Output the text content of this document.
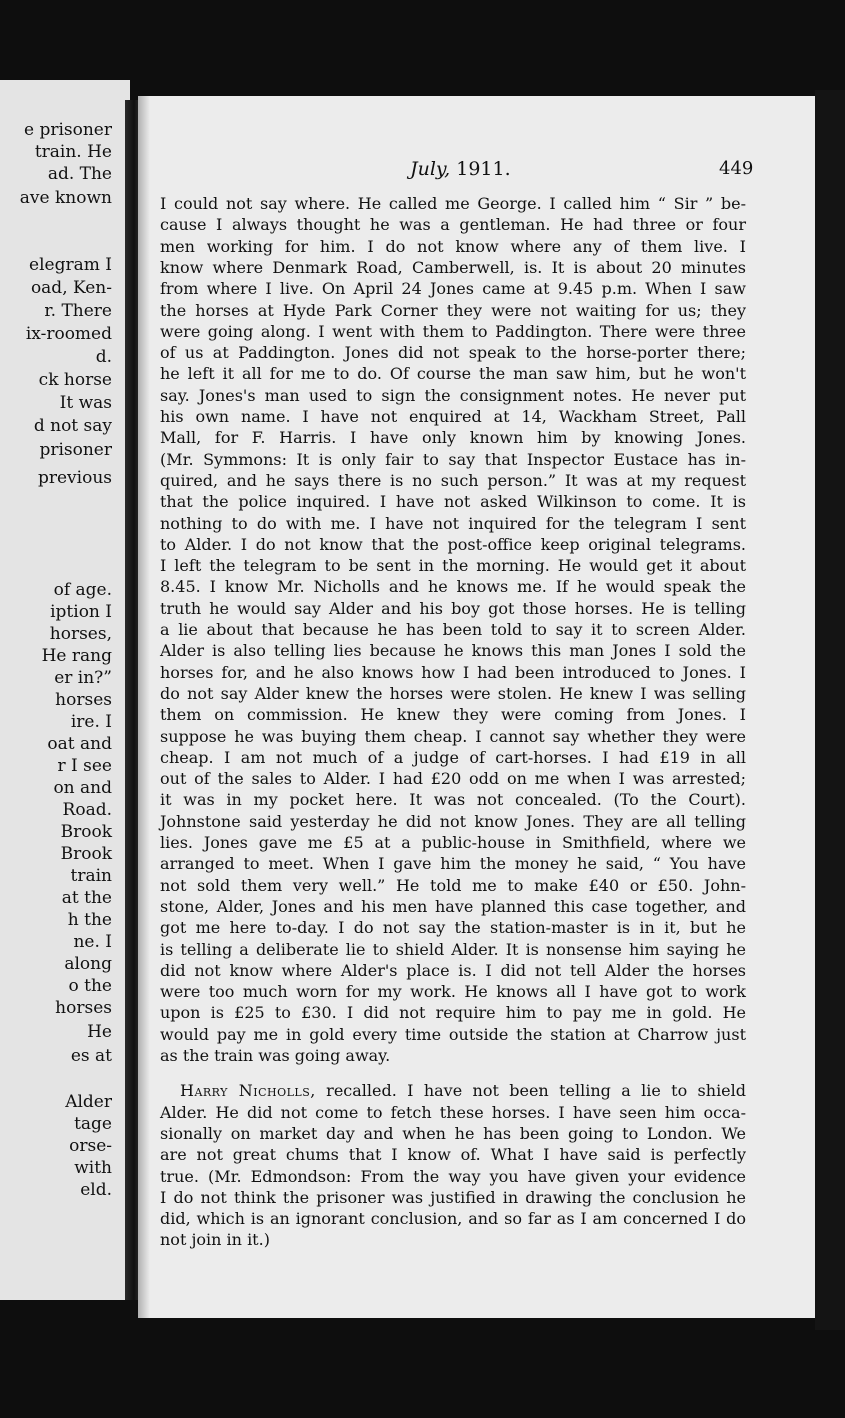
e prisoner
train. He
ad. The
ave known
elegram I
oad, Ken-
r. There
ix-roomed
d.
ck horse
It was
d not say
prisoner
previous
of age.
iption I
horses,
He rang
er in?”
horses
ire. I
oat and
r I see
on and
Road.
Brook
Brook
train
at the
h the
ne. I
along
o the
horses
He
es at
Alder
tage
orse-
with
eld.
July, 1911.	449

I could not say where. He called me George. I called him “ Sir ” be-

cause I always thought he was a gentleman. He had three or four

men working for him. I do not know where any of them live. I

know where Denmark Road, Camberwell, is. It is about 20 minutes

from where I live. On April 24 Jones came at 9.45 p.m. When I saw

the horses at Hyde Park Corner they were not waiting for us; they

were going along. I went with them to Paddington. There were three

of us at Paddington. Jones did not speak to the horse-porter there;

he left it all for me to do. Of course the man saw him, but he won't

say. Jones's man used to sign the consignment notes. He never put

his own name. I have not enquired at 14, Wackham Street, Pall

Mall, for F. Harris. I have only known him by knowing Jones.

(Mr. Symmons: It is only fair to say that Inspector Eustace has in-

quired, and he says there is no such person.” It was at my request

that the police inquired. I have not asked Wilkinson to come. It is

nothing to do with me. I have not inquired for the telegram I sent

to Alder. I do not know that the post-office keep original telegrams.

I left the telegram to be sent in the morning. He would get it about

8.45. I know Mr. Nicholls and he knows me. If he would speak the

truth he would say Alder and his boy got those horses. He is telling

a lie about that because he has been told to say it to screen Alder.

Alder is also telling lies because he knows this man Jones I sold the

horses for, and he also knows how I had been introduced to Jones. I

do not say Alder knew the horses were stolen. He knew I was selling

them on commission. He knew they were coming from Jones. I

suppose he was buying them cheap. I cannot say whether they were

cheap. I am not much of a judge of cart-horses. I had £19 in all

out of the sales to Alder. I had £20 odd on me when I was arrested;

it was in my pocket here. It was not concealed. (To the Court).

Johnstone said yesterday he did not know Jones. They are all telling

lies. Jones gave me £5 at a public-house in Smithfield, where we

arranged to meet. When I gave him the money he said, “ You have

not sold them very well.” He told me to make £40 or £50. John-

stone, Alder, Jones and his men have planned this case together, and

got me here to-day. I do not say the station-master is in it, but he

is telling a deliberate lie to shield Alder. It is nonsense him saying he

did not know where Alder's place is. I did not tell Alder the horses

were too much worn for my work. He knows all I have got to work

upon is £25 to £30. I did not require him to pay me in gold. He

would pay me in gold every time outside the station at Charrow just

as the train was going away.

Harry Nicholls, recalled. I have not been telling a lie to shield

Alder. He did not come to fetch these horses. I have seen him occa-

sionally on market day and when he has been going to London. We

are not great chums that I know of. What I have said is perfectly

true. (Mr. Edmondson: From the way you have given your evidence

I do not think the prisoner was justified in drawing the conclusion he

did, which is an ignorant conclusion, and so far as I am concerned I do

not join in it.)
